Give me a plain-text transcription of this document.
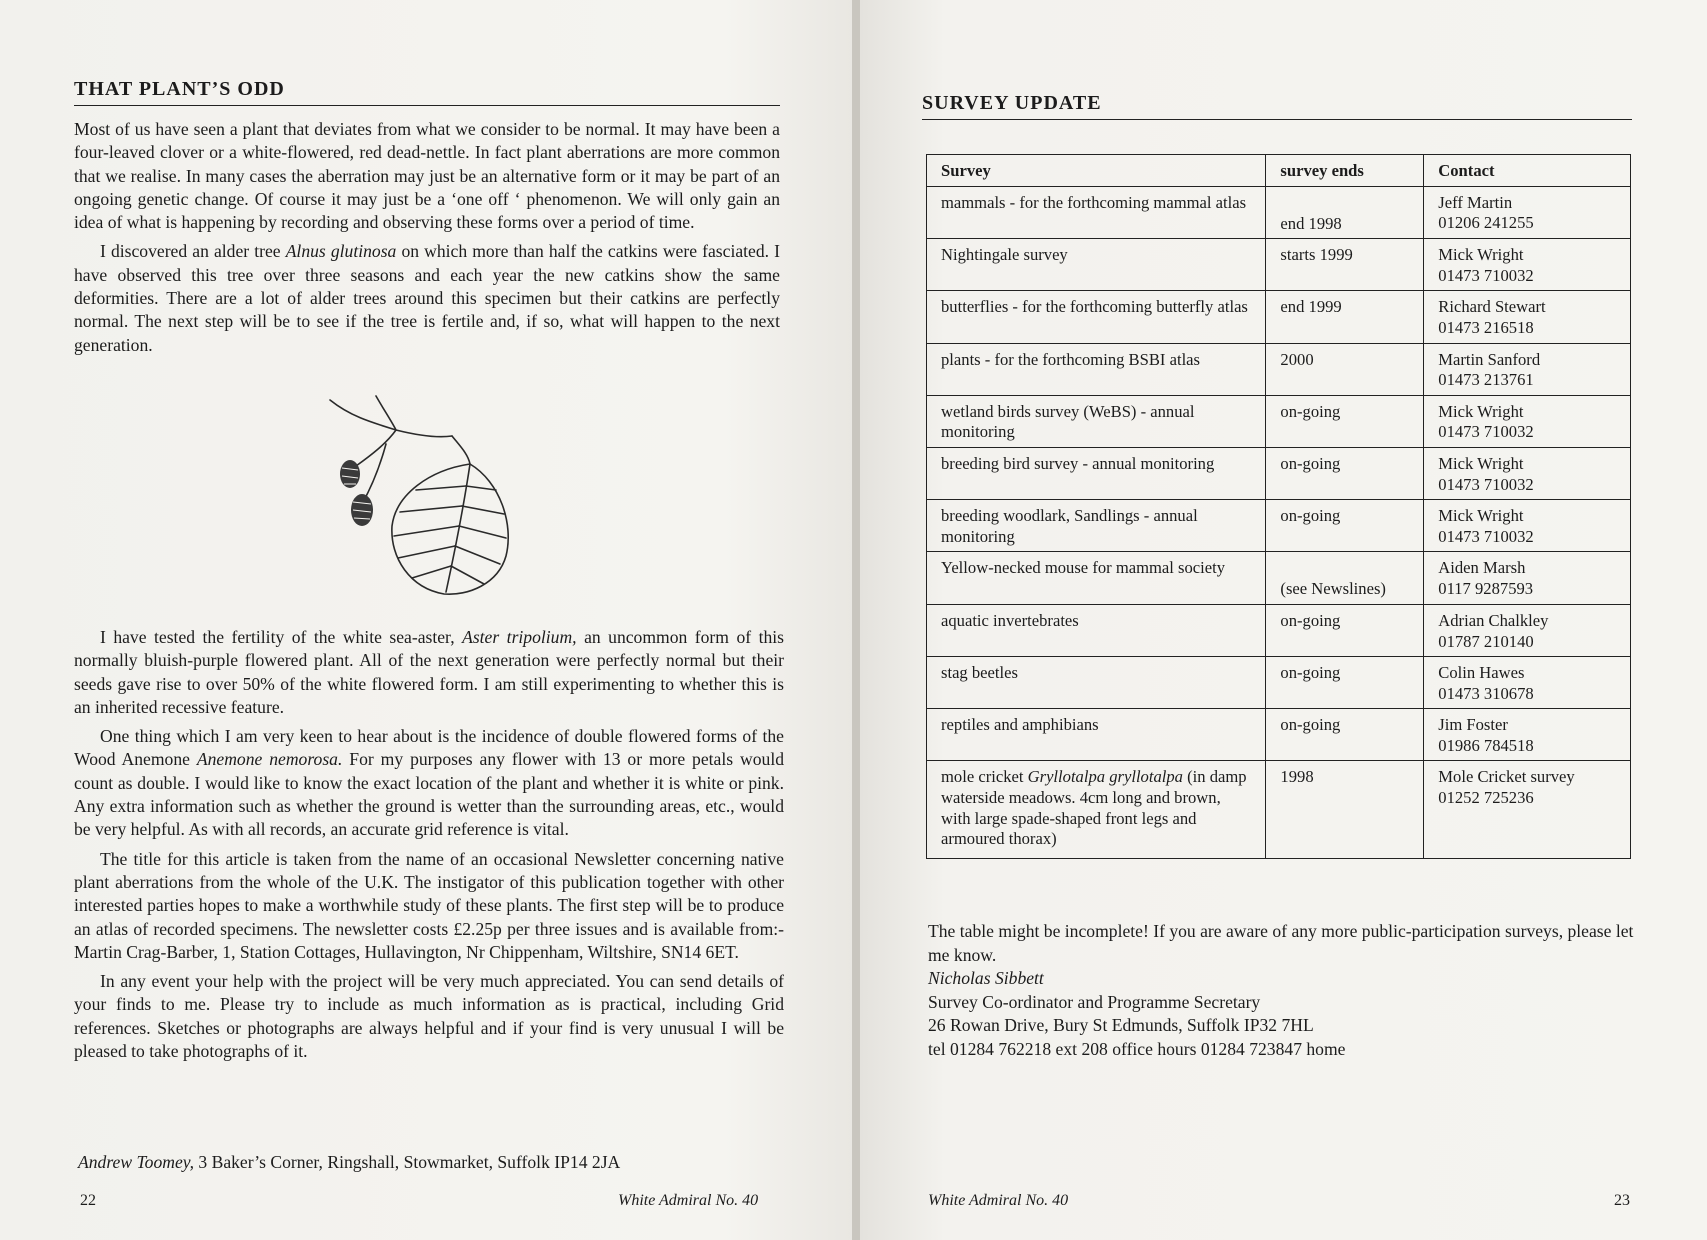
THAT PLANT’S ODD

Most of us have seen a plant that deviates from what we consider to be normal. It may have been a four-leaved clover or a white-flowered, red dead-nettle. In fact plant aberrations are more common that we realise. In many cases the aberration may just be an alternative form or it may be part of an ongoing genetic change. Of course it may just be a ‘one off ‘ phenomenon. We will only gain an idea of what is happening by recording and observing these forms over a period of time.

I discovered an alder tree Alnus glutinosa on which more than half the catkins were fasciated. I have observed this tree over three seasons and each year the new catkins show the same deformities. There are a lot of alder trees around this specimen but their catkins are perfectly normal. The next step will be to see if the tree is fertile and, if so, what will happen to the next generation.

I have tested the fertility of the white sea-aster, Aster tripolium, an uncommon form of this normally bluish-purple flowered plant. All of the next generation were perfectly normal but their seeds gave rise to over 50% of the white flowered form. I am still experimenting to whether this is an inherited recessive feature.

One thing which I am very keen to hear about is the incidence of double flowered forms of the Wood Anemone Anemone nemorosa. For my purposes any flower with 13 or more petals would count as double. I would like to know the exact location of the plant and whether it is white or pink. Any extra information such as whether the ground is wetter than the surrounding areas, etc., would be very helpful. As with all records, an accurate grid reference is vital.

The title for this article is taken from the name of an occasional Newsletter concerning native plant aberrations from the whole of the U.K. The instigator of this publication together with other interested parties hopes to make a worthwhile study of these plants. The first step will be to produce an atlas of recorded specimens. The newsletter costs £2.25p per three issues and is available from:- Martin Crag-Barber, 1, Station Cottages, Hullavington, Nr Chippenham, Wiltshire, SN14 6ET.

In any event your help with the project will be very much appreciated. You can send details of your finds to me. Please try to include as much information as is practical, including Grid references. Sketches or photographs are always helpful and if your find is very unusual I will be pleased to take photographs of it.

Andrew Toomey, 3 Baker’s Corner, Ringshall, Stowmarket, Suffolk IP14 2JA
22	White Admiral No. 40
SURVEY UPDATE
Survey	survey ends	Contact
mammals - for the forthcoming mammal atlas	end 1998	Jeff Martin
01206 241255

Nightingale survey	starts 1999	Mick Wright
01473 710032

butterflies - for the forthcoming butterfly atlas	end 1999	Richard Stewart
01473 216518

plants - for the forthcoming BSBI atlas	2000	Martin Sanford
01473 213761

wetland birds survey (WeBS) - annual monitoring	on-going	Mick Wright
01473 710032

breeding bird survey - annual monitoring	on-going	Mick Wright
01473 710032

breeding woodlark, Sandlings - annual monitoring	on-going	Mick Wright
01473 710032

Yellow-necked mouse for mammal society	(see Newslines)	Aiden Marsh
0117 9287593

aquatic invertebrates	on-going	Adrian Chalkley
01787 210140

stag beetles	on-going	Colin Hawes
01473 310678

reptiles and amphibians	on-going	Jim Foster
01986 784518

mole cricket Gryllotalpa gryllotalpa (in damp waterside meadows. 4cm long and brown, with large spade-shaped front legs and armoured thorax)	1998	Mole Cricket survey
01252 725236

The table might be incomplete! If you are aware of any more public-participation surveys, please let me know.

Nicholas Sibbett

Survey Co-ordinator and Programme Secretary

26 Rowan Drive, Bury St Edmunds, Suffolk IP32 7HL

tel 01284 762218 ext 208 office hours 01284 723847 home

White Admiral No. 40	23
